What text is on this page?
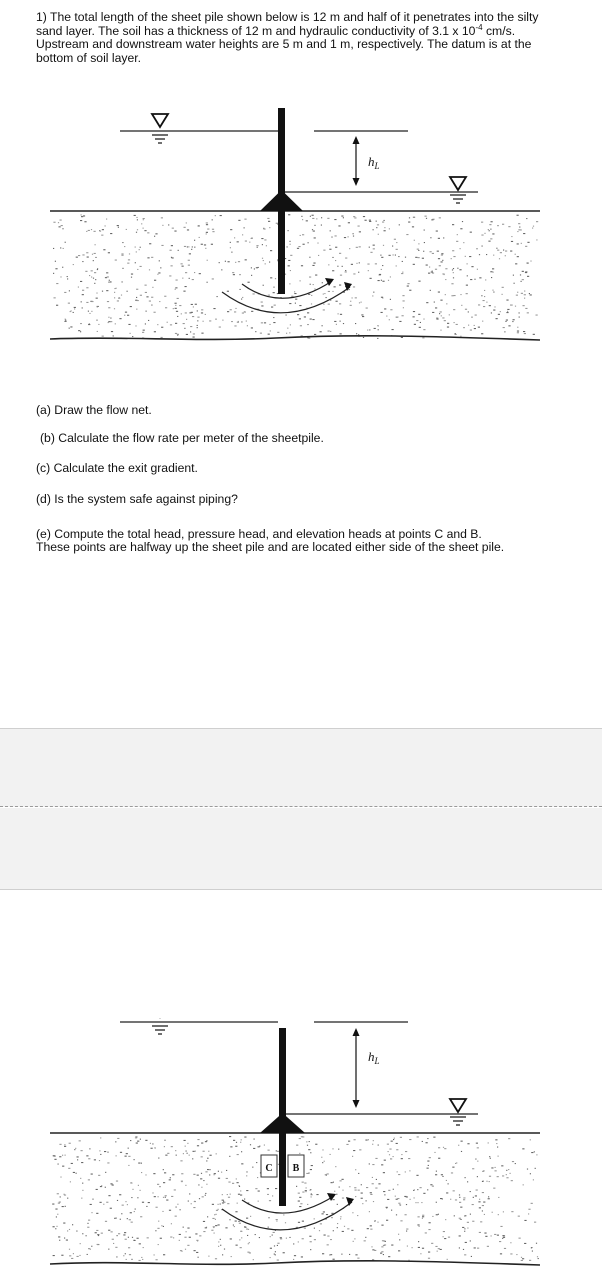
1) The total length of the sheet pile shown below is 12 m and half of it penetrates into the silty sand layer. The soil has a thickness of 12 m and hydraulic conductivity of 3.1 x $10^{-4}$ cm/s. Upstream and downstream water heights are 5 m and 1 m, respectively. The datum is at the bottom of soil layer.
$h_L$
(a) Draw the flow net.
(b) Calculate the flow rate per meter of the sheetpile.
(c) Calculate the exit gradient.
(d) Is the system safe against piping?
(e) Compute the total head, pressure head, and elevation heads at points C and B.
These points are halfway up the sheet pile and are located either side of the sheet pile.
$h_L$
C B
